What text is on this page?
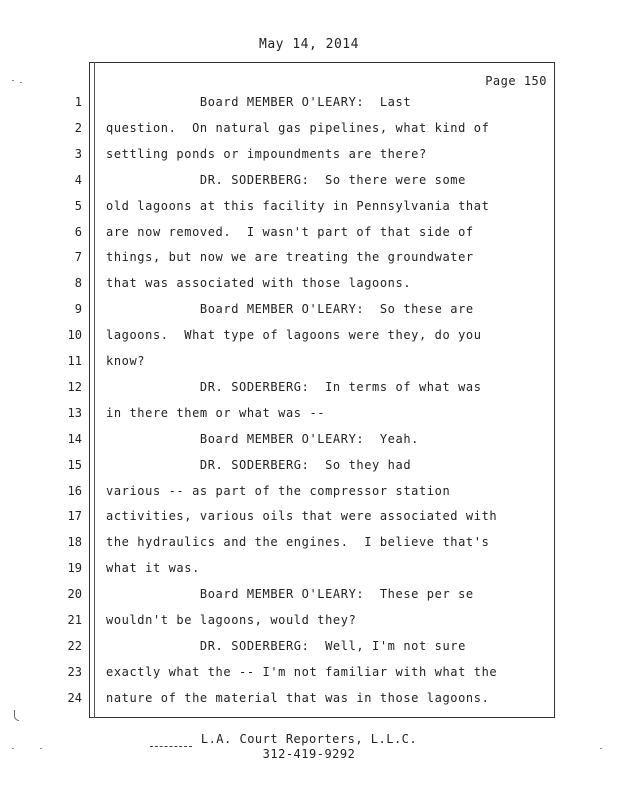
May 14, 2014
Page 150
1 Board MEMBER O'LEARY:  Last
2 question.  On natural gas pipelines, what kind of
3 settling ponds or impoundments are there?
4 DR. SODERBERG:  So there were some
5 old lagoons at this facility in Pennsylvania that
6 are now removed.  I wasn't part of that side of
7 things, but now we are treating the groundwater
8 that was associated with those lagoons.
9 Board MEMBER O'LEARY:  So these are
10 lagoons.  What type of lagoons were they, do you
11 know?
12 DR. SODERBERG:  In terms of what was
13 in there them or what was --
14 Board MEMBER O'LEARY:  Yeah.
15 DR. SODERBERG:  So they had
16 various -- as part of the compressor station
17 activities, various oils that were associated with
18 the hydraulics and the engines.  I believe that's
19 what it was.
20 Board MEMBER O'LEARY:  These per se
21 wouldn't be lagoons, would they?
22 DR. SODERBERG:  Well, I'm not sure
23 exactly what the -- I'm not familiar with what the
24 nature of the material that was in those lagoons.
L.A. Court Reporters, L.L.C.
312-419-9292
